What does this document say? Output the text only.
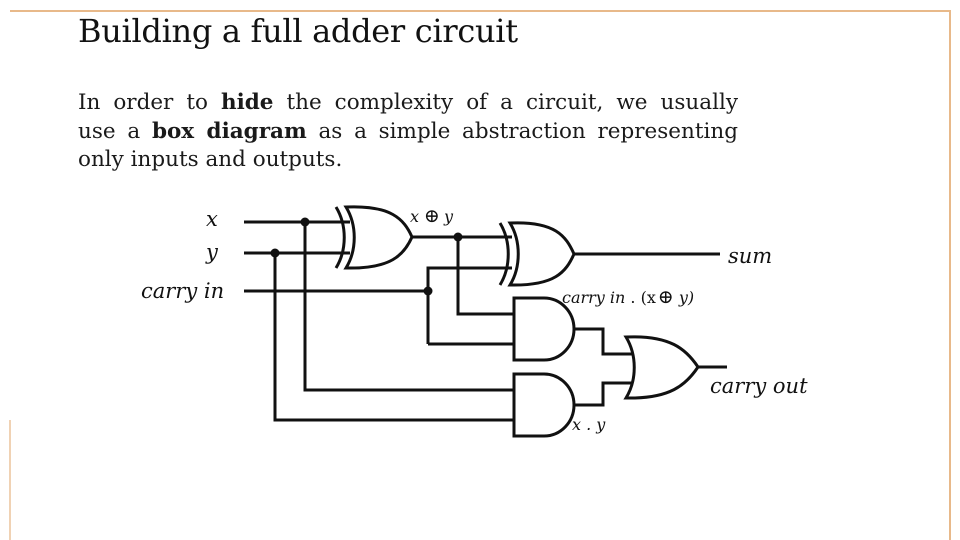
Building a full adder circuit
In order to hide the complexity of a circuit, we usually
use a box diagram as a simple abstraction representing
only inputs and outputs.
x
y
carry in
sum
carry out
x ⊕ y
carry in . (x ⊕ y)
x . y
